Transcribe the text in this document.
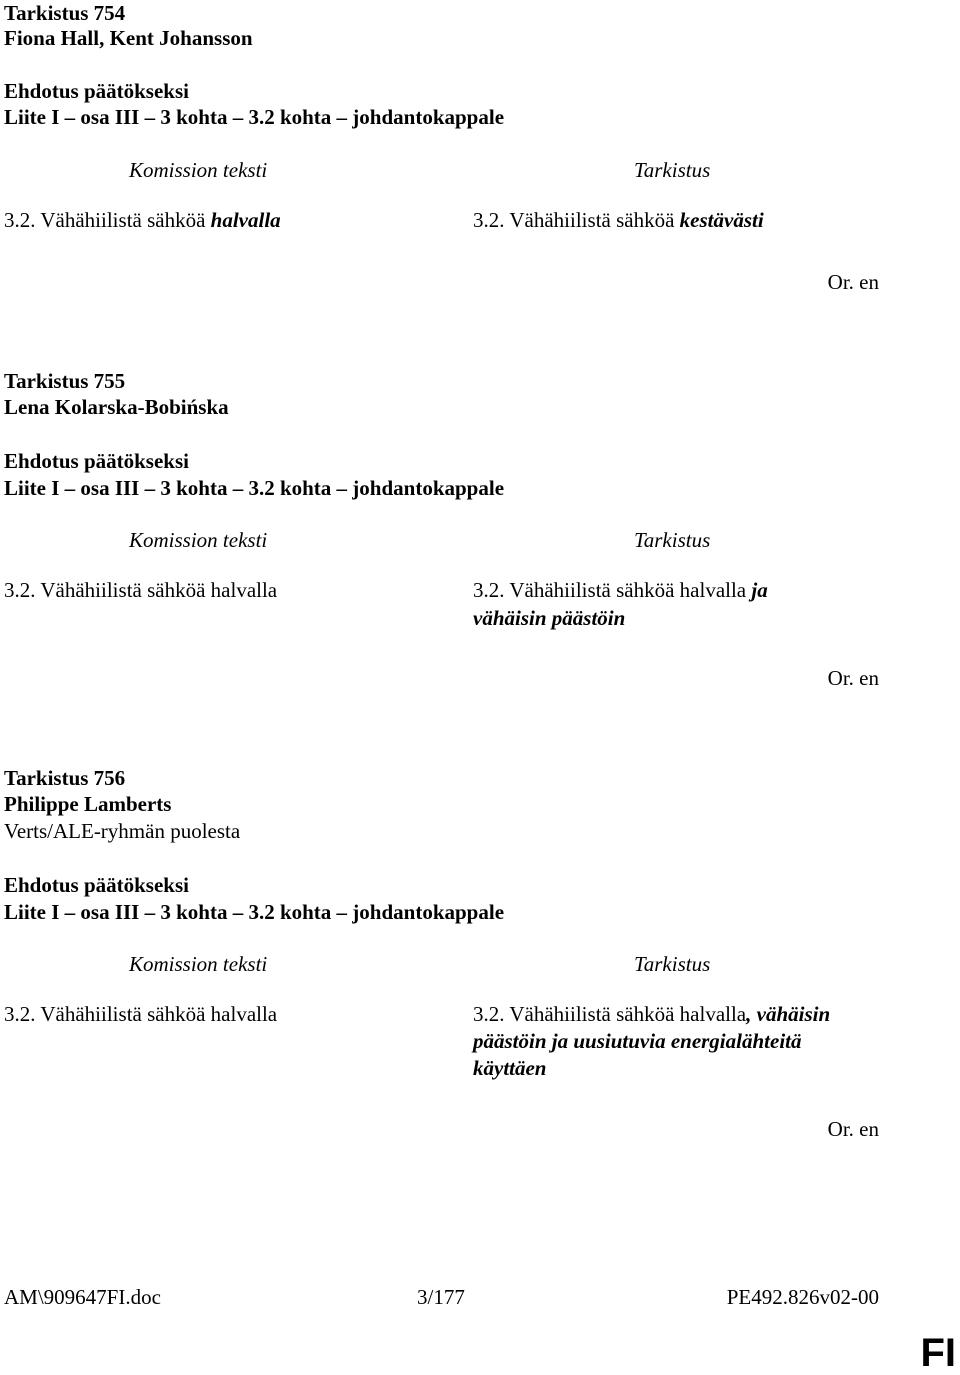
Tarkistus 754
Fiona Hall, Kent Johansson
Ehdotus päätökseksi
Liite I – osa III – 3 kohta – 3.2 kohta – johdantokappale
Komission teksti	Tarkistus
3.2. Vähähiilistä sähköä halvalla	3.2. Vähähiilistä sähköä kestävästi
Or. en
Tarkistus 755
Lena Kolarska-Bobińska
Ehdotus päätökseksi
Liite I – osa III – 3 kohta – 3.2 kohta – johdantokappale
Komission teksti	Tarkistus
3.2. Vähähiilistä sähköä halvalla	3.2. Vähähiilistä sähköä halvalla ja
vähäisin päästöin
Or. en
Tarkistus 756
Philippe Lamberts
Verts/ALE-ryhmän puolesta
Ehdotus päätökseksi
Liite I – osa III – 3 kohta – 3.2 kohta – johdantokappale
Komission teksti	Tarkistus
3.2. Vähähiilistä sähköä halvalla	3.2. Vähähiilistä sähköä halvalla, vähäisin
päästöin ja uusiutuvia energialähteitä
käyttäen
Or. en
AM\909647FI.doc	3/177	PE492.826v02-00
FI
